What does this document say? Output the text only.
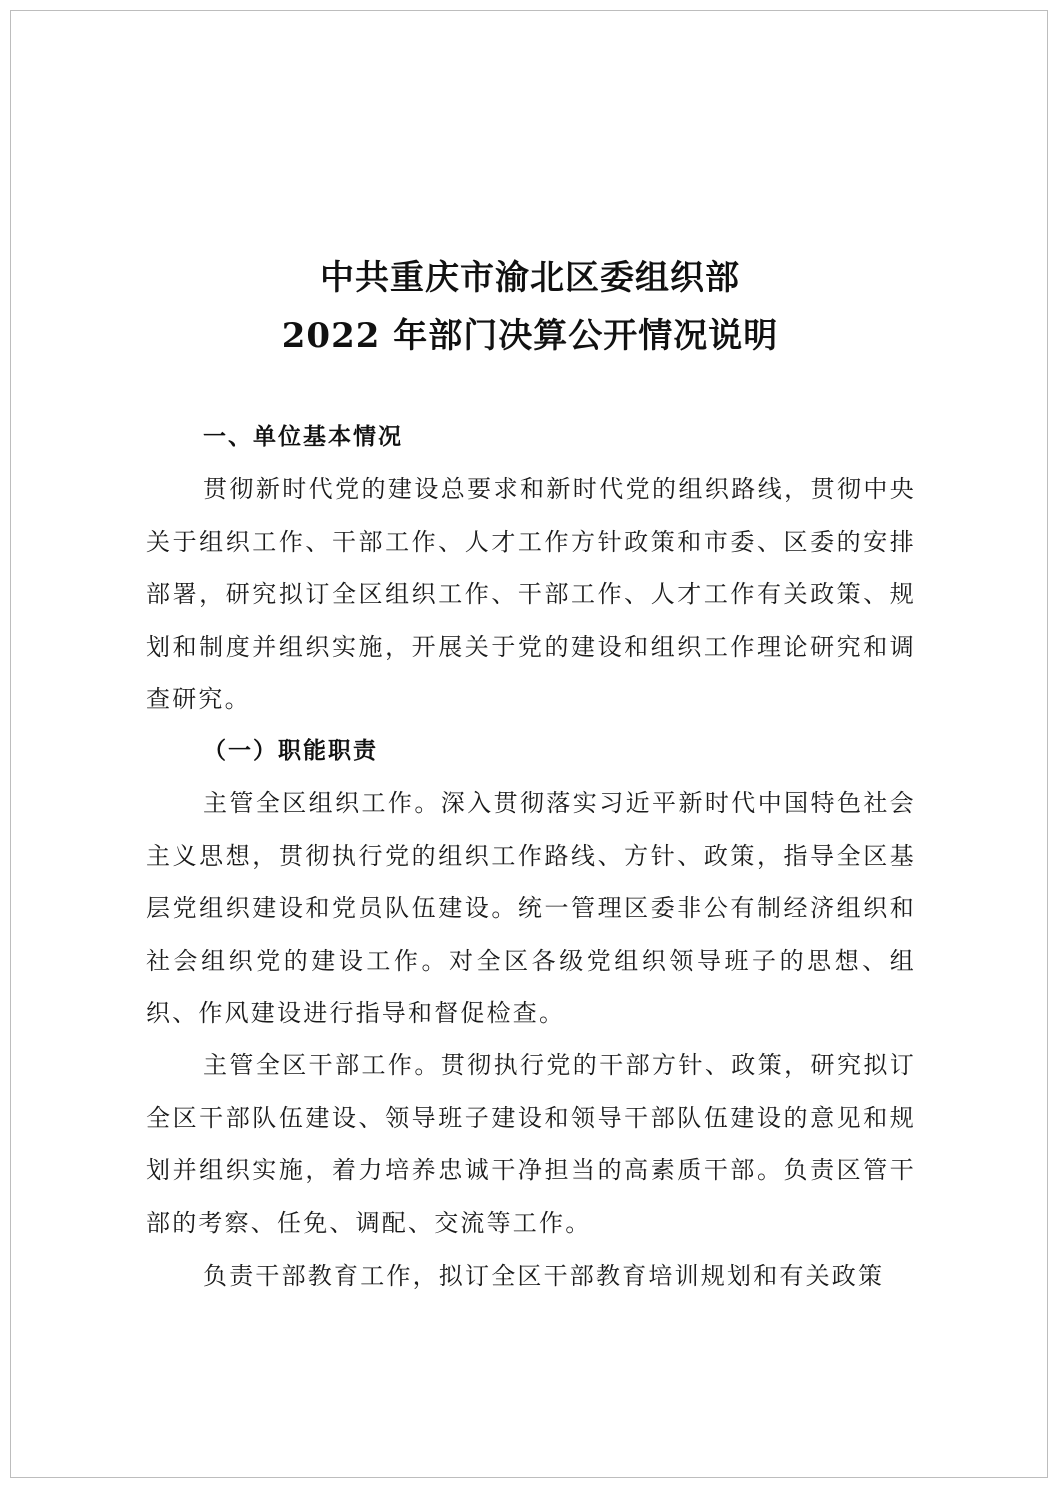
中共重庆市渝北区委组织部
2022 年部门决算公开情况说明
一、单位基本情况

贯彻新时代党的建设总要求和新时代党的组织路线，贯彻中央关于组织工作、干部工作、人才工作方针政策和市委、区委的安排部署，研究拟订全区组织工作、干部工作、人才工作有关政策、规划和制度并组织实施，开展关于党的建设和组织工作理论研究和调查研究。

（一）职能职责

主管全区组织工作。深入贯彻落实习近平新时代中国特色社会主义思想，贯彻执行党的组织工作路线、方针、政策，指导全区基层党组织建设和党员队伍建设。统一管理区委非公有制经济组织和社会组织党的建设工作。对全区各级党组织领导班子的思想、组织、作风建设进行指导和督促检查。

主管全区干部工作。贯彻执行党的干部方针、政策，研究拟订全区干部队伍建设、领导班子建设和领导干部队伍建设的意见和规划并组织实施，着力培养忠诚干净担当的高素质干部。负责区管干部的考察、任免、调配、交流等工作。

负责干部教育工作，拟订全区干部教育培训规划和有关政策
